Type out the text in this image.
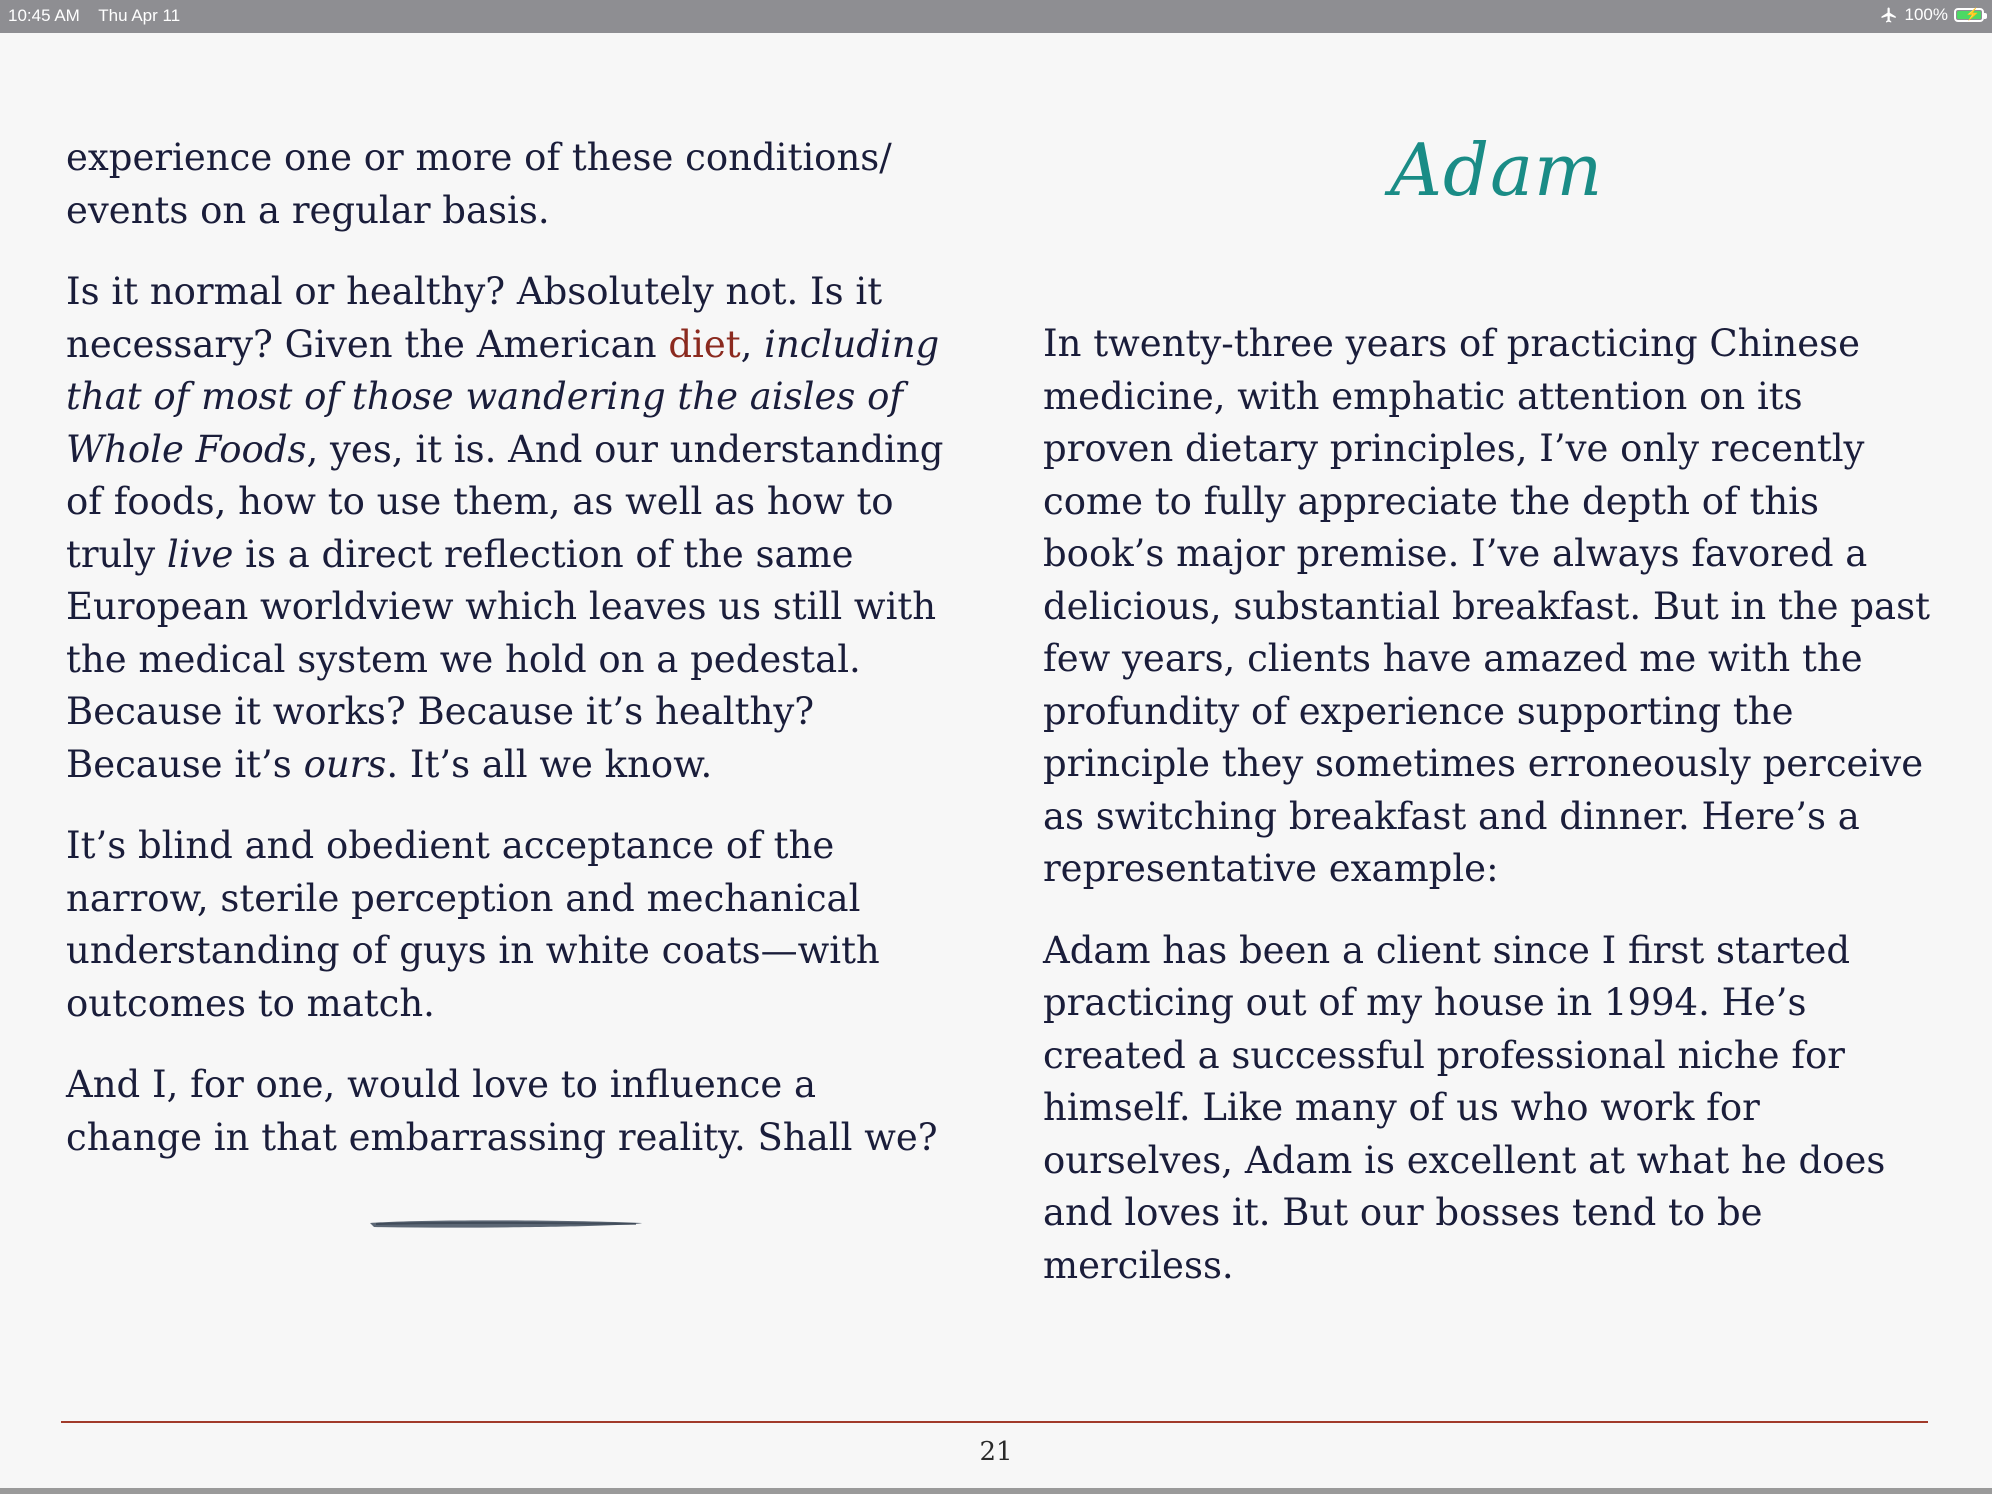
10:45 AM Thu Apr 11	100% ⚡

experience one or more of these conditions/ events on a regular basis.

Is it normal or healthy? Absolutely not. Is it necessary? Given the American diet, including that of most of those wandering the aisles of Whole Foods, yes, it is. And our understanding of foods, how to use them, as well as how to truly live is a direct reflection of the same European worldview which leaves us still with the medical system we hold on a pedestal. Because it works? Because it’s healthy? Because it’s ours. It’s all we know.

It’s blind and obedient acceptance of the narrow, sterile perception and mechanical understanding of guys in white coats—with outcomes to match.

And I, for one, would love to influence a change in that embarrassing reality. Shall we?

Adam

In twenty-three years of practicing Chinese medicine, with emphatic attention on its proven dietary principles, I’ve only recently come to fully appreciate the depth of this book’s major premise. I’ve always favored a delicious, substantial breakfast. But in the past few years, clients have amazed me with the profundity of experience supporting the principle they sometimes erroneously perceive as switching breakfast and dinner. Here’s a representative example:

Adam has been a client since I first started practicing out of my house in 1994. He’s created a successful professional niche for himself. Like many of us who work for ourselves, Adam is excellent at what he does and loves it. But our bosses tend to be merciless.

21
